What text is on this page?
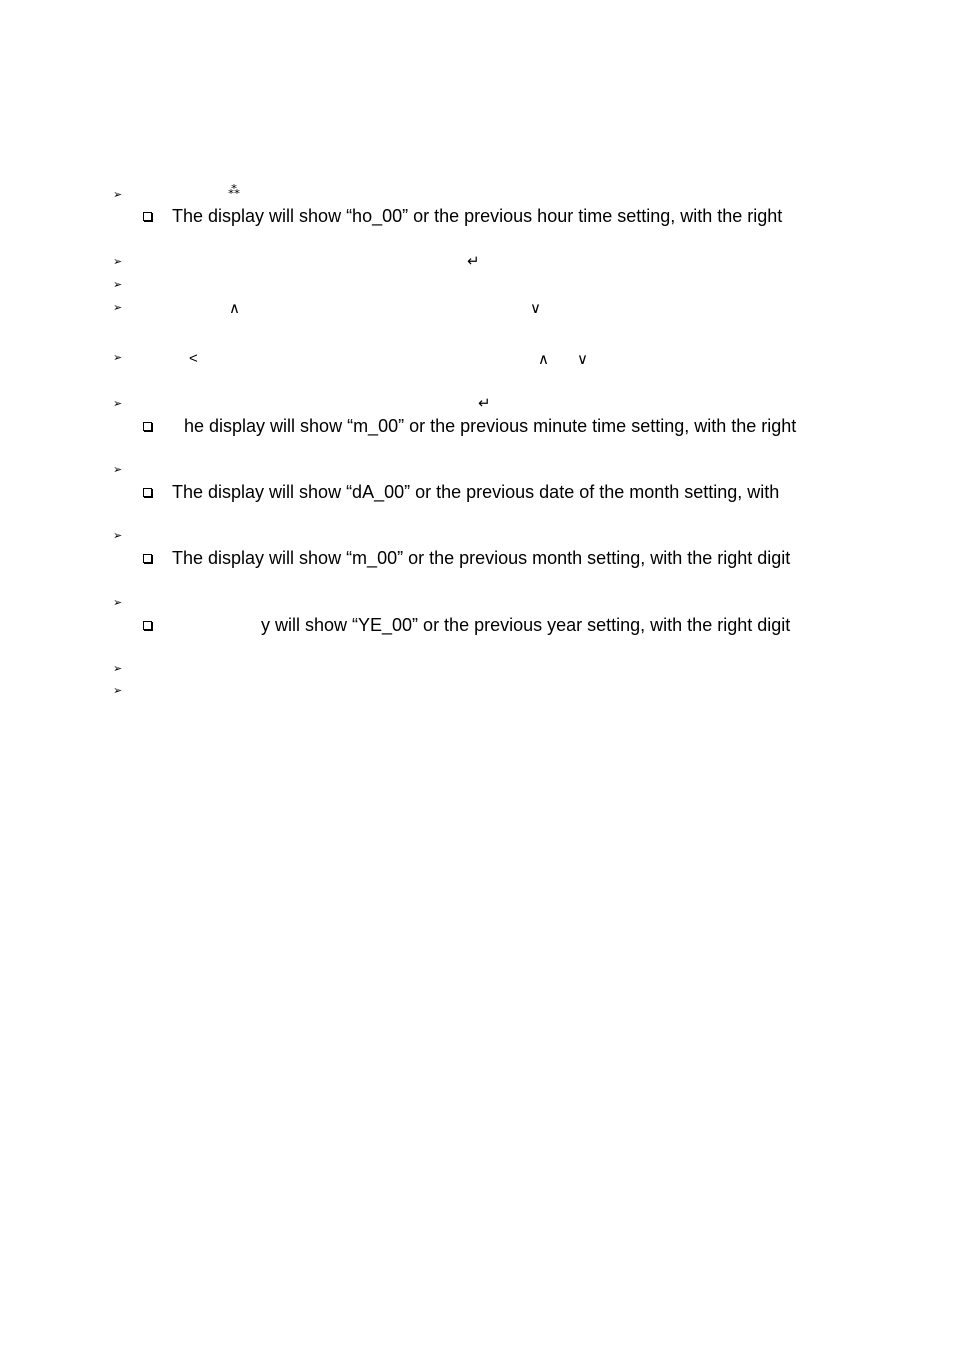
➢	⁂
The display will show “ho_00” or the previous hour time setting, with the right
➢	↵
➢
➢	∧	∨
➢	<	∧ ∨
➢	↵
he display will show “m_00” or the previous minute time setting, with the right
➢
The display will show “dA_00” or the previous date of the month setting, with
➢
The display will show “m_00” or the previous month setting, with the right digit
➢
y will show “YE_00” or the previous year setting, with the right digit
➢
➢
